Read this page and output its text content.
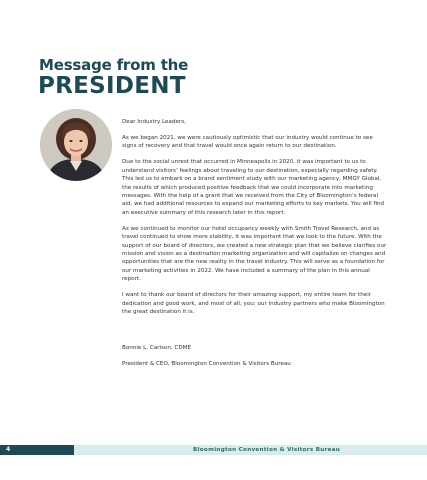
Message from the
PRESIDENT

Dear Industry Leaders,

As we began 2021, we were cautiously optimistic that our industry would continue to see signs of recovery and that travel would once again return to our destination.

Due to the social unrest that occurred in Minneapolis in 2020, it was important to us to understand visitors’ feelings about traveling to our destination, especially regarding safety. This led us to embark on a brand sentiment study with our marketing agency, MMGY Global, the results of which produced positive feedback that we could incorporate into marketing messages. With the help of a grant that we received from the City of Bloomington’s federal aid, we had additional resources to expand our marketing efforts to key markets. You will find an executive summary of this research later in this report.

As we continued to monitor our hotel occupancy weekly with Smith Travel Research, and as travel continued to show more stability, it was important that we look to the future. With the support of our board of directors, we created a new strategic plan that we believe clarifies our mission and vision as a destination marketing organization and will capitalize on changes and opportunities that are the new reality in the travel industry. This will serve as a foundation for our marketing activities in 2022. We have included a summary of the plan in this annual report.

I want to thank our board of directors for their amazing support, my entire team for their dedication and good work, and most of all, you: our industry partners who make Bloomington the great destination it is.

Bonnie L. Carlson, CDME

President & CEO, Bloomington Convention & Visitors Bureau

4	Bloomington Convention & Visitors Bureau
